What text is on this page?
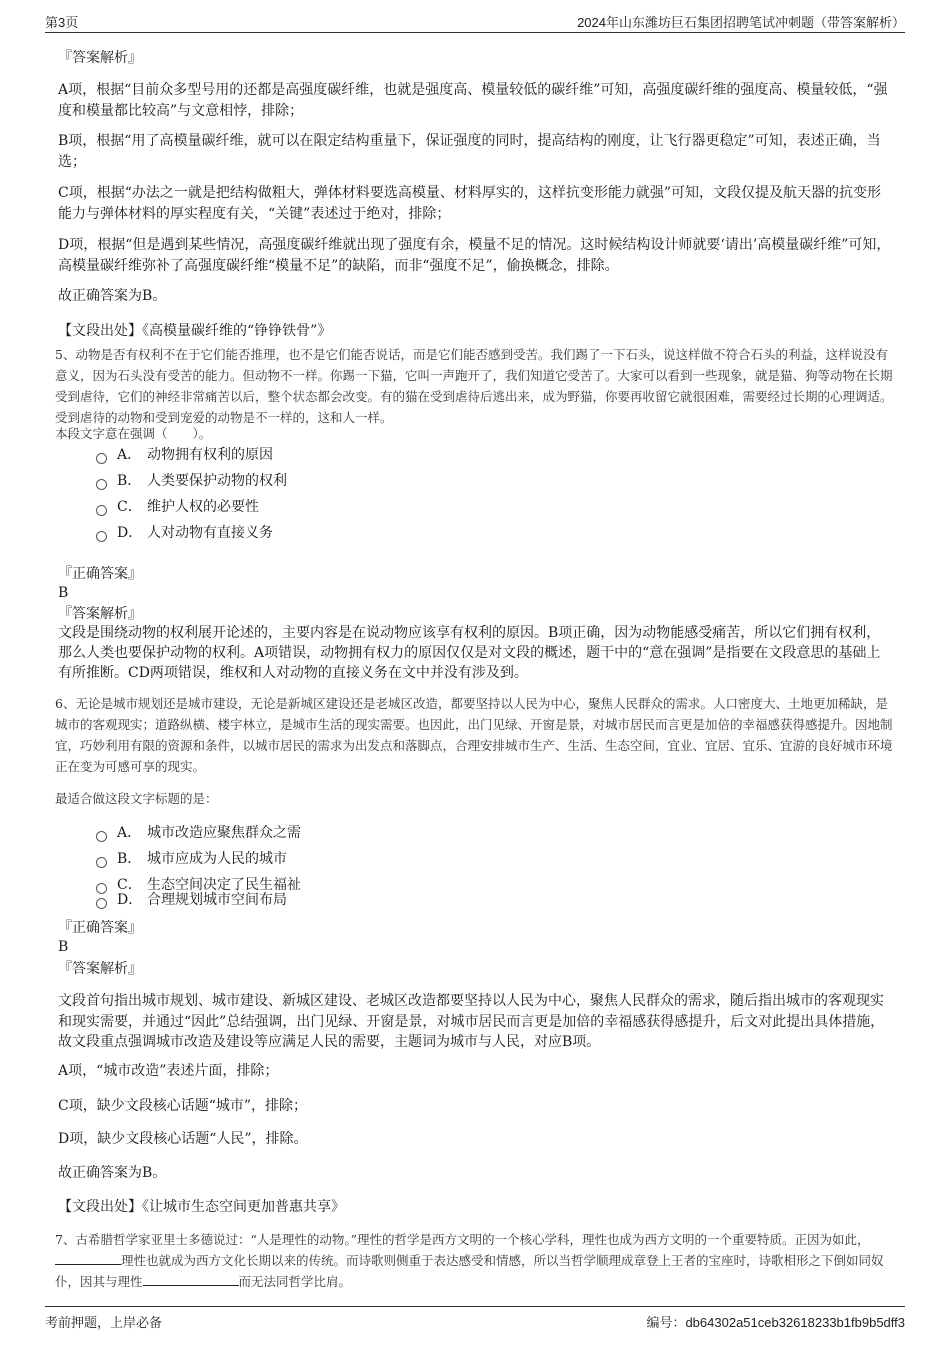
第3页	2024年山东潍坊巨石集团招聘笔试冲刺题（带答案解析）
『答案解析』
A项，根据“目前众多型号用的还都是高强度碳纤维，也就是强度高、模量较低的碳纤维”可知，高强度碳纤维的强度高、模量较低，“强度和模量都比较高”与文意相悖，排除；
B项，根据“用了高模量碳纤维，就可以在限定结构重量下，保证强度的同时，提高结构的刚度，让飞行器更稳定”可知，表述正确，当选；
C项，根据“办法之一就是把结构做粗大，弹体材料要选高模量、材料厚实的，这样抗变形能力就强”可知，文段仅提及航天器的抗变形能力与弹体材料的厚实程度有关，“关键”表述过于绝对，排除；
D项，根据“但是遇到某些情况，高强度碳纤维就出现了强度有余，模量不足的情况。这时候结构设计师就要‘请出’高模量碳纤维”可知，高模量碳纤维弥补了高强度碳纤维“模量不足”的缺陷，而非“强度不足”，偷换概念，排除。
故正确答案为B。
【文段出处】《高模量碳纤维的“铮铮铁骨”》
5、动物是否有权利不在于它们能否推理，也不是它们能否说话，而是它们能否感到受苦。我们踢了一下石头，说这样做不符合石头的利益，这样说没有意义，因为石头没有受苦的能力。但动物不一样。你踢一下猫，它叫一声跑开了，我们知道它受苦了。大家可以看到一些现象，就是猫、狗等动物在长期受到虐待，它们的神经非常痛苦以后，整个状态都会改变。有的猫在受到虐待后逃出来，成为野猫，你要再收留它就很困难，需要经过长期的心理调适。受到虐待的动物和受到宠爱的动物是不一样的，这和人一样。
本段文字意在强调（　　）。
A． 动物拥有权利的原因
B． 人类要保护动物的权利
C． 维护人权的必要性
D． 人对动物有直接义务
『正确答案』
B
『答案解析』
文段是围绕动物的权利展开论述的，主要内容是在说动物应该享有权利的原因。B项正确，因为动物能感受痛苦，所以它们拥有权利，那么人类也要保护动物的权利。A项错误，动物拥有权力的原因仅仅是对文段的概述，题干中的“意在强调”是指要在文段意思的基础上有所推断。CD两项错误，维权和人对动物的直接义务在文中并没有涉及到。
6、无论是城市规划还是城市建设，无论是新城区建设还是老城区改造，都要坚持以人民为中心，聚焦人民群众的需求。人口密度大、土地更加稀缺，是城市的客观现实；道路纵横、楼宇林立，是城市生活的现实需要。也因此，出门见绿、开窗是景，对城市居民而言更是加倍的幸福感获得感提升。因地制宜，巧妙利用有限的资源和条件，以城市居民的需求为出发点和落脚点，合理安排城市生产、生活、生态空间，宜业、宜居、宜乐、宜游的良好城市环境正在变为可感可享的现实。
最适合做这段文字标题的是：
A． 城市改造应聚焦群众之需
B． 城市应成为人民的城市
C． 生态空间决定了民生福祉
D． 合理规划城市空间布局
『正确答案』
B
『答案解析』
文段首句指出城市规划、城市建设、新城区建设、老城区改造都要坚持以人民为中心，聚焦人民群众的需求，随后指出城市的客观现实和现实需要，并通过“因此”总结强调，出门见绿、开窗是景，对城市居民而言更是加倍的幸福感获得感提升，后文对此提出具体措施，故文段重点强调城市改造及建设等应满足人民的需要，主题词为城市与人民，对应B项。
A项，“城市改造”表述片面，排除；
C项，缺少文段核心话题“城市”，排除；
D项，缺少文段核心话题“人民”，排除。
故正确答案为B。
【文段出处】《让城市生态空间更加普惠共享》
7、古希腊哲学家亚里士多德说过：“人是理性的动物。”理性的哲学是西方文明的一个核心学科，理性也成为西方文明的一个重要特质。正因为如此，理性也就成为西方文化长期以来的传统。而诗歌则侧重于表达感受和情感，所以当哲学顺理成章登上王者的宝座时，诗歌相形之下倒如同奴仆，因其与理性	而无法同哲学比肩。
考前押题，上岸必备	编号：db64302a51ceb32618233b1fb9b5dff3
